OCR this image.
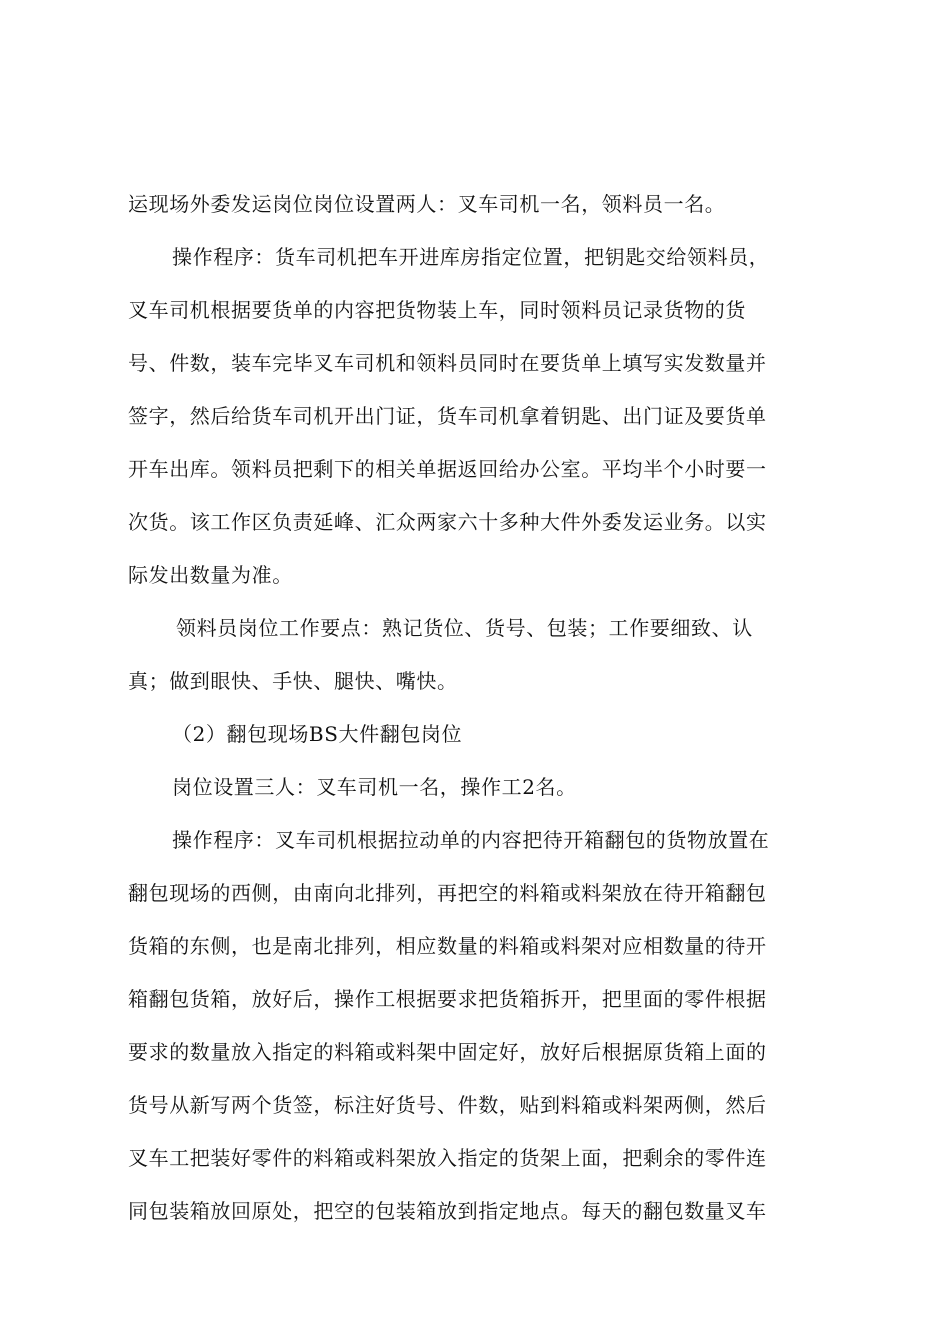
运现场外委发运岗位岗位设置两人：叉车司机一名，领料员一名。
操作程序：货车司机把车开进库房指定位置，把钥匙交给领料员，
叉车司机根据要货单的内容把货物装上车，同时领料员记录货物的货
号、件数，装车完毕叉车司机和领料员同时在要货单上填写实发数量并
签字，然后给货车司机开出门证，货车司机拿着钥匙、出门证及要货单
开车出库。领料员把剩下的相关单据返回给办公室。平均半个小时要一
次货。该工作区负责延峰、汇众两家六十多种大件外委发运业务。以实
际发出数量为准。
领料员岗位工作要点：熟记货位、货号、包装；工作要细致、认
真；做到眼快、手快、腿快、嘴快。
（2）翻包现场BS大件翻包岗位
岗位设置三人：叉车司机一名，操作工2名。
操作程序：叉车司机根据拉动单的内容把待开箱翻包的货物放置在
翻包现场的西侧，由南向北排列，再把空的料箱或料架放在待开箱翻包
货箱的东侧，也是南北排列，相应数量的料箱或料架对应相数量的待开
箱翻包货箱，放好后，操作工根据要求把货箱拆开，把里面的零件根据
要求的数量放入指定的料箱或料架中固定好，放好后根据原货箱上面的
货号从新写两个货签，标注好货号、件数，贴到料箱或料架两侧，然后
叉车工把装好零件的料箱或料架放入指定的货架上面，把剩余的零件连
同包装箱放回原处，把空的包装箱放到指定地点。每天的翻包数量叉车
